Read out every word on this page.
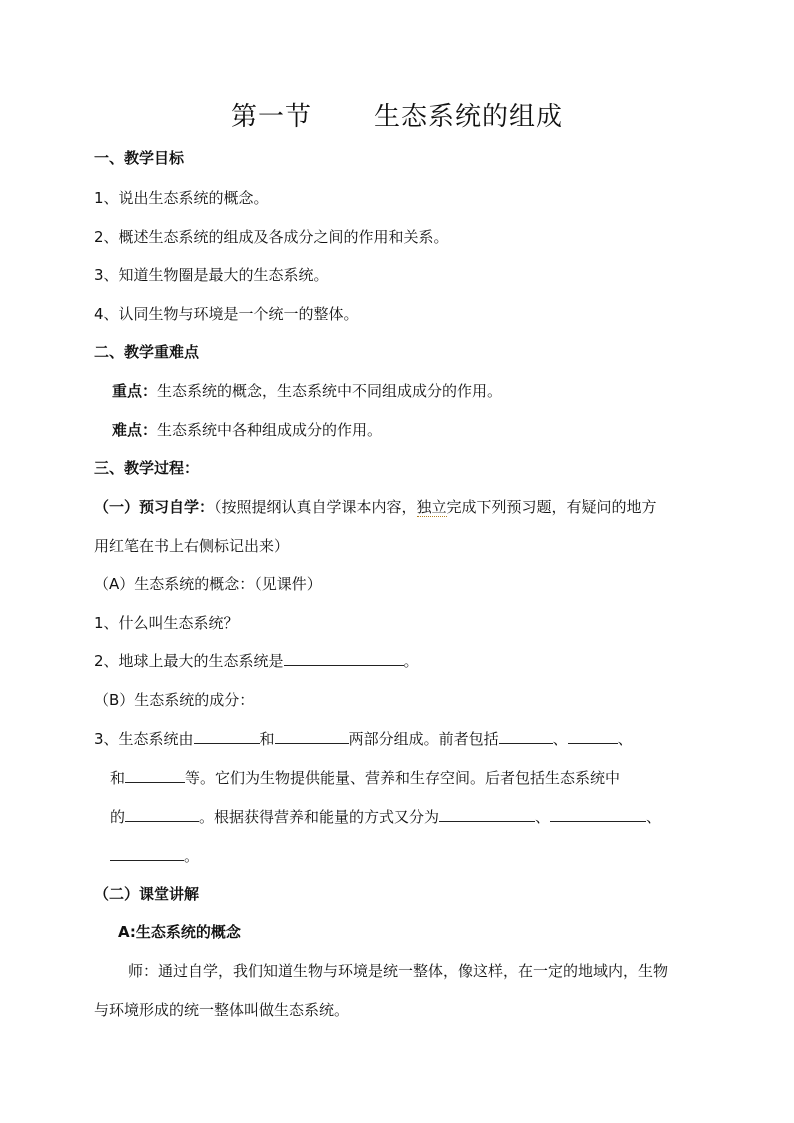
第一节 生态系统的组成
一、教学目标
1、说出生态系统的概念。
2、概述生态系统的组成及各成分之间的作用和关系。
3、知道生物圈是最大的生态系统。
4、认同生物与环境是一个统一的整体。
二、教学重难点
重点：生态系统的概念，生态系统中不同组成成分的作用。
难点：生态系统中各种组成成分的作用。
三、教学过程：
（一）预习自学：（按照提纲认真自学课本内容，独立完成下列预习题，有疑问的地方
用红笔在书上右侧标记出来）
（A）生态系统的概念：（见课件）
1、什么叫生态系统？
2、地球上最大的生态系统是	。
（B）生态系统的成分：
3、生态系统由	和	两部分组成。前者包括	、	、
和	等。它们为生物提供能量、营养和生存空间。后者包括生态系统中
的	。根据获得营养和能量的方式又分为	、	、
。
（二）课堂讲解
A:生态系统的概念
师：通过自学，我们知道生物与环境是统一整体，像这样，在一定的地域内，生物
与环境形成的统一整体叫做生态系统。
